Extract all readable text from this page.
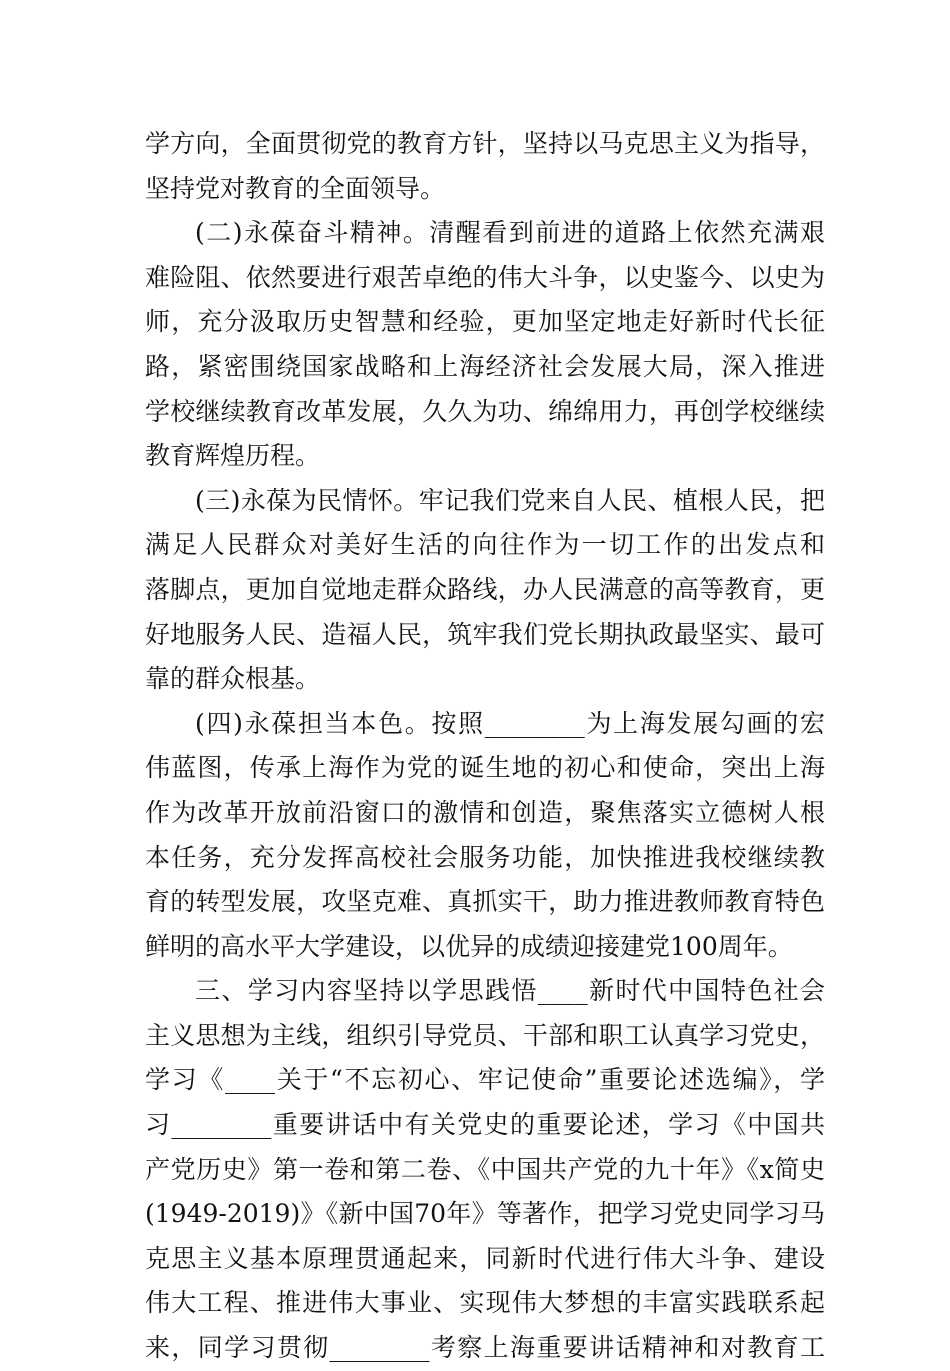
学方向，全面贯彻党的教育方针，坚持以马克思主义为指导，
坚持党对教育的全面领导。
(二)永葆奋斗精神。清醒看到前进的道路上依然充满艰
难险阻、依然要进行艰苦卓绝的伟大斗争，以史鉴今、以史为
师，充分汲取历史智慧和经验，更加坚定地走好新时代长征
路，紧密围绕国家战略和上海经济社会发展大局，深入推进
学校继续教育改革发展，久久为功、绵绵用力，再创学校继续
教育辉煌历程。
(三)永葆为民情怀。牢记我们党来自人民、植根人民，把
满足人民群众对美好生活的向往作为一切工作的出发点和
落脚点，更加自觉地走群众路线，办人民满意的高等教育，更
好地服务人民、造福人民，筑牢我们党长期执政最坚实、最可
靠的群众根基。
(四)永葆担当本色。按照________为上海发展勾画的宏
伟蓝图，传承上海作为党的诞生地的初心和使命，突出上海
作为改革开放前沿窗口的激情和创造，聚焦落实立德树人根
本任务，充分发挥高校社会服务功能，加快推进我校继续教
育的转型发展，攻坚克难、真抓实干，助力推进教师教育特色
鲜明的高水平大学建设，以优异的成绩迎接建党100周年。
三、学习内容坚持以学思践悟____新时代中国特色社会
主义思想为主线，组织引导党员、干部和职工认真学习党史，
学习《____关于“不忘初心、牢记使命”重要论述选编》，学
习________重要讲话中有关党史的重要论述，学习《中国共
产党历史》第一卷和第二卷、《中国共产党的九十年》《x简史
(1949-2019)》《新中国70年》等著作，把学习党史同学习马
克思主义基本原理贯通起来，同新时代进行伟大斗争、建设
伟大工程、推进伟大事业、实现伟大梦想的丰富实践联系起
来，同学习贯彻________考察上海重要讲话精神和对教育工
